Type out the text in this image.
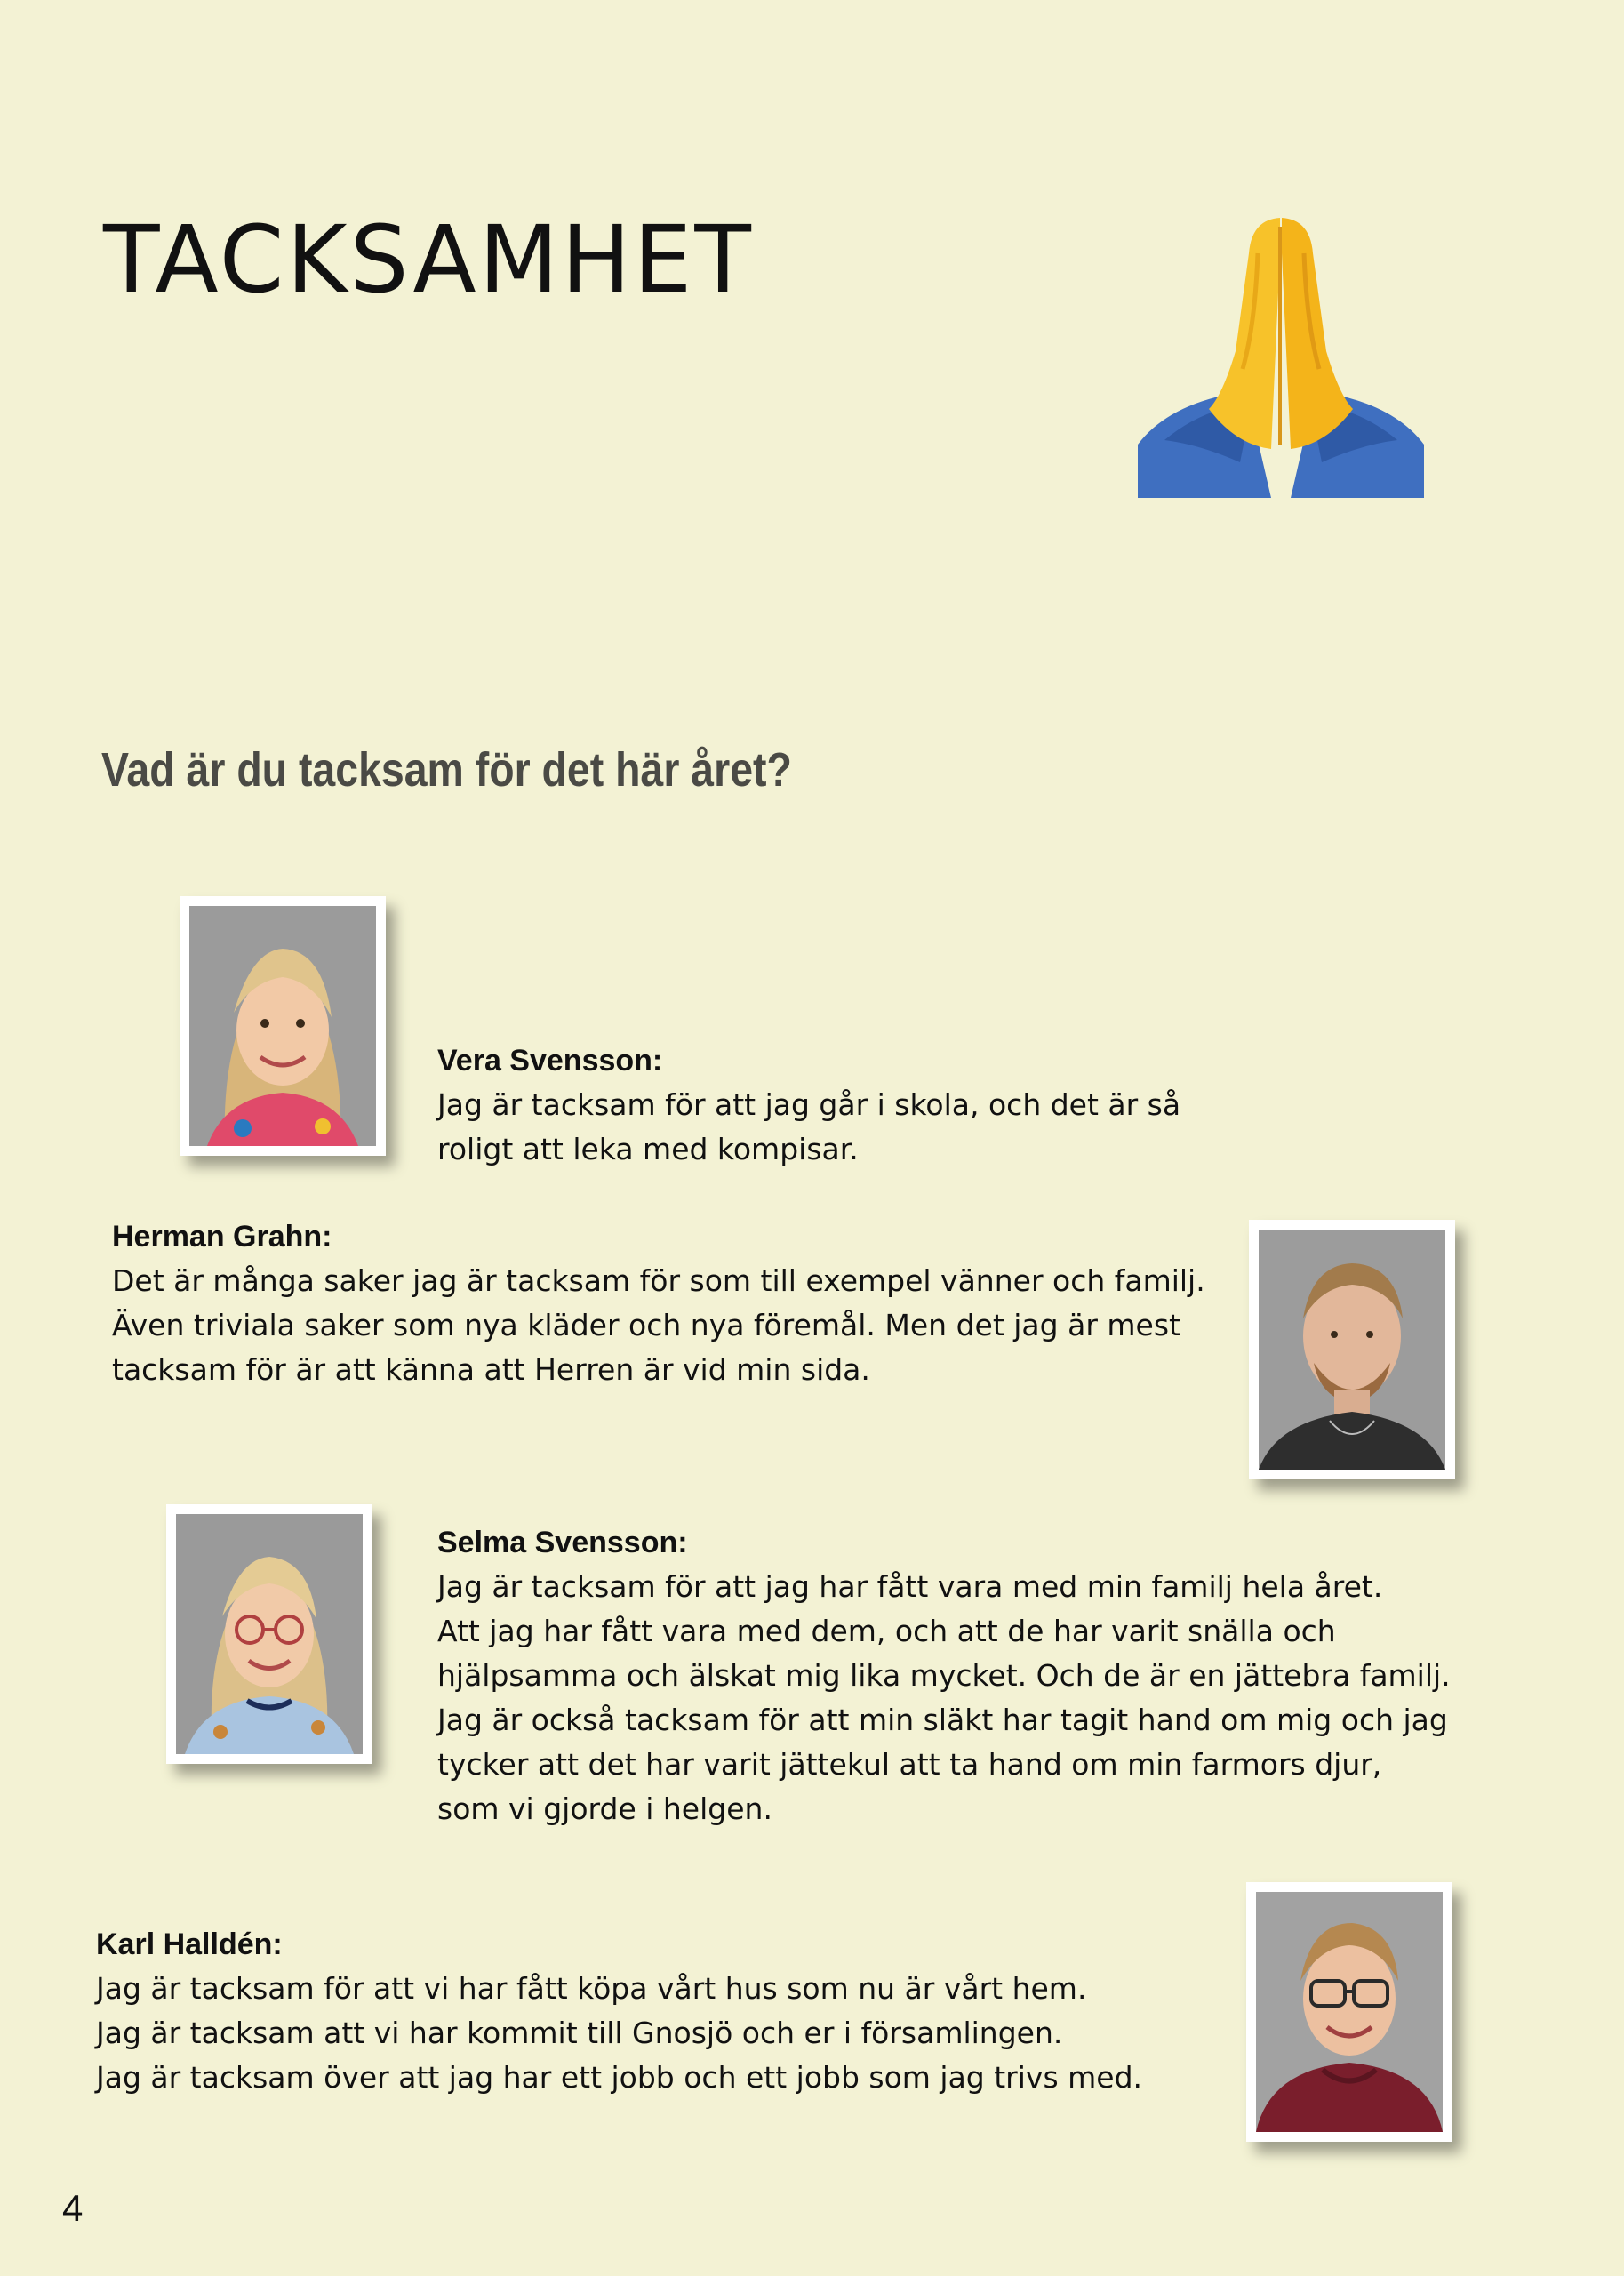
TACKSAMHET
Vad är du tacksam för det här året?

Vera Svensson:

Jag är tacksam för att jag går i skola, och det är så
roligt att leka med kompisar.

Herman Grahn:

Det är många saker jag är tacksam för som till exempel vänner och familj.
Även triviala saker som nya kläder och nya föremål. Men det jag är mest
tacksam för är att känna att Herren är vid min sida.

Selma Svensson:

Jag är tacksam för att jag har fått vara med min familj hela året.
Att jag har fått vara med dem, och att de har varit snälla och
hjälpsamma och älskat mig lika mycket. Och de är en jättebra familj.
Jag är också tacksam för att min släkt har tagit hand om mig och jag
tycker att det har varit jättekul att ta hand om min farmors djur,
som vi gjorde i helgen.

Karl Halldén:

Jag är tacksam för att vi har fått köpa vårt hus som nu är vårt hem.
Jag är tacksam att vi har kommit till Gnosjö och er i församlingen.
Jag är tacksam över att jag har ett jobb och ett jobb som jag trivs med.

4
